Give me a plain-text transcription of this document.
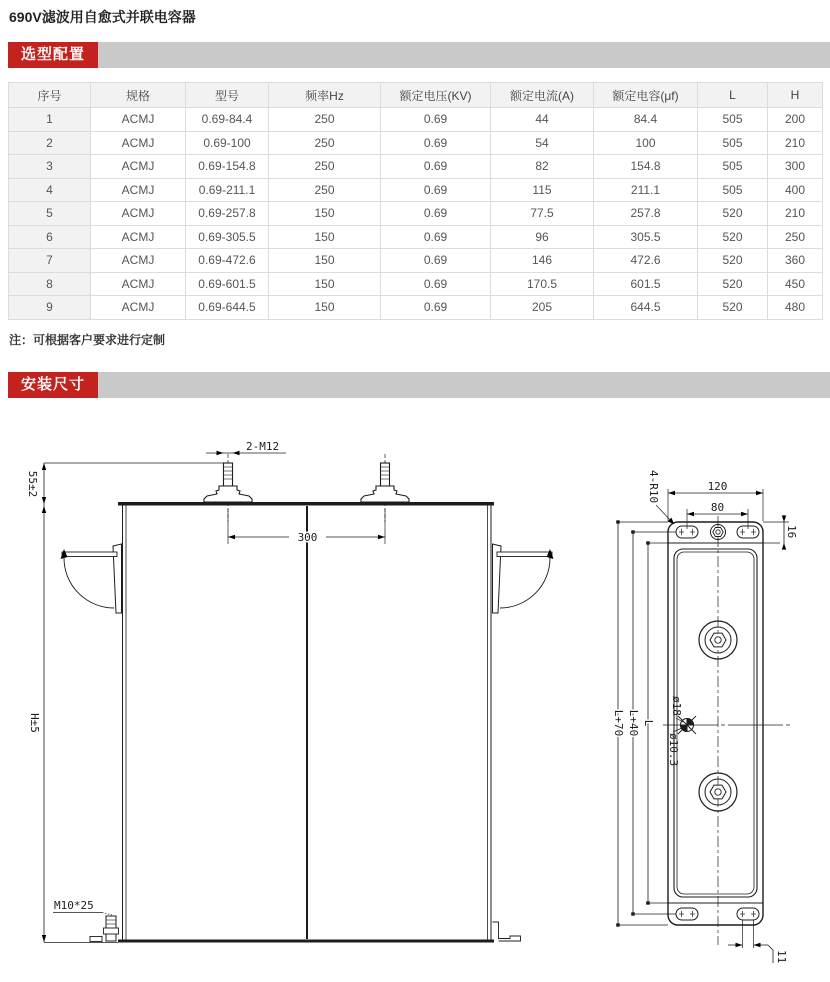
690V滤波用自愈式并联电容器
选型配置
序号	规格	型号	频率Hz	额定电压(KV)	额定电流(A)	额定电容(μf)	L	H
1	ACMJ	0.69-84.4	250	0.69	44	84.4	505	200
2	ACMJ	0.69-100	250	0.69	54	100	505	210
3	ACMJ	0.69-154.8	250	0.69	82	154.8	505	300
4	ACMJ	0.69-211.1	250	0.69	115	211.1	505	400
5	ACMJ	0.69-257.8	150	0.69	77.5	257.8	520	210
6	ACMJ	0.69-305.5	150	0.69	96	305.5	520	250
7	ACMJ	0.69-472.6	150	0.69	146	472.6	520	360
8	ACMJ	0.69-601.5	150	0.69	170.5	601.5	520	450
9	ACMJ	0.69-644.5	150	0.69	205	644.5	520	480
注：可根据客户要求进行定制
安装尺寸
55±2
H±5
2-M12
300
M10*25
ø18
ø10.3
80
120
4-R10
16
L+70 L+40 L
11
